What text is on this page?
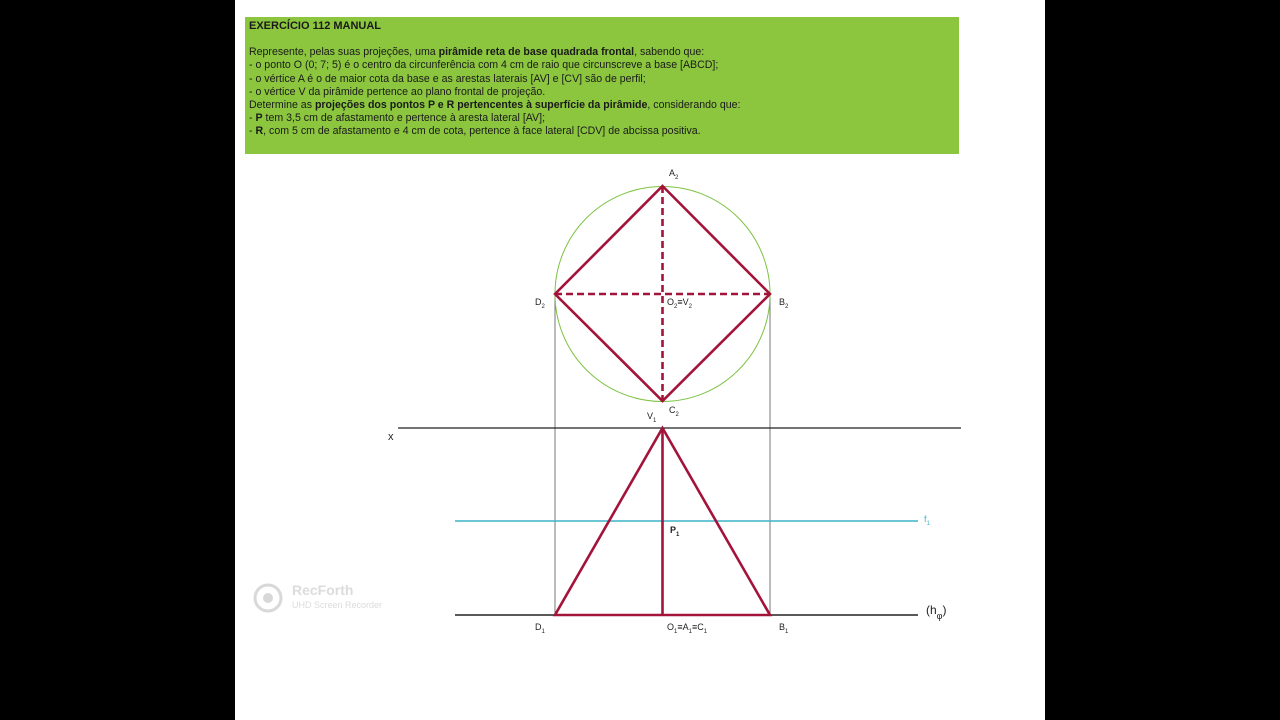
EXERCÍCIO 112 MANUAL

Represente, pelas suas projeções, uma pirâmide reta de base quadrada frontal, sabendo que:

- o ponto O (0; 7; 5) é o centro da circunferência com 4 cm de raio que circunscreve a base [ABCD];

- o vértice A é o de maior cota da base e as arestas laterais [AV] e [CV] são de perfil;

- o vértice V da pirâmide pertence ao plano frontal de projeção.

Determine as projeções dos pontos P e R pertencentes à superfície da pirâmide, considerando que:

- P tem 3,5 cm de afastamento e pertence à aresta lateral [AV];

- R, com 5 cm de afastamento e 4 cm de cota, pertence à face lateral [CDV] de abcissa positiva.

$A_2$
$D_2$	$B_2$
$O_2\equiv V_2$
$C_2$
$V_1$
x
$f_1$
$P_1$
$D_1$	$O_1\equiv A_1\equiv C_1$	$B_1$
$(h_\varphi)$
RecForth
UHD Screen Recorder
